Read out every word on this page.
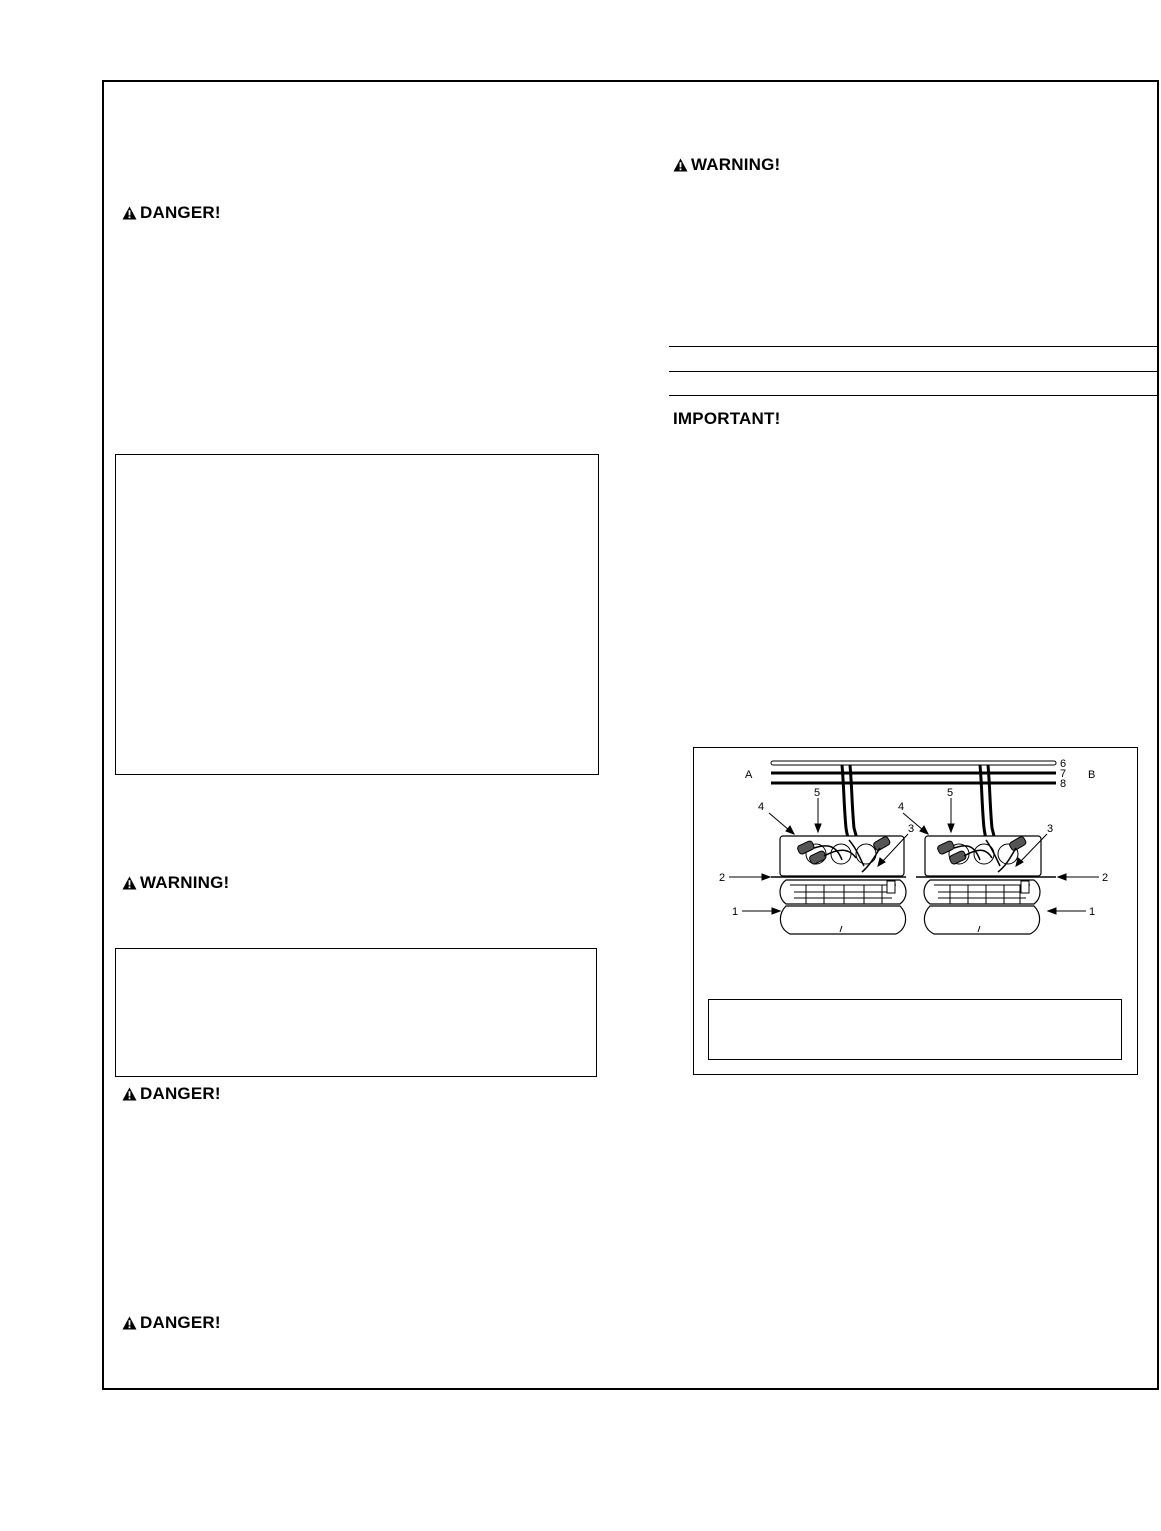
DANGER!
WARNING!
DANGER!
DANGER!
WARNING!
IMPORTANT!
A	B
6
7
8
5	5
4	4
3	3
2	2
1	1
